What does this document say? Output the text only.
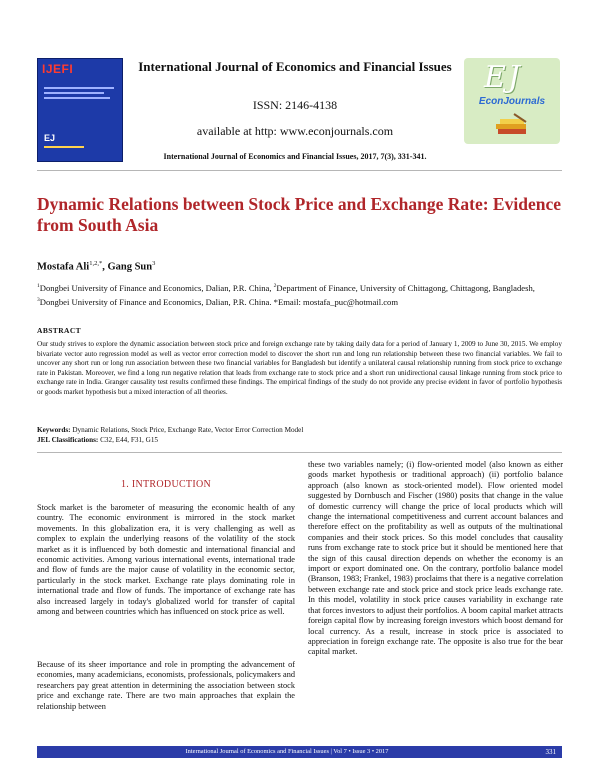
IJEFI
EJ
International Journal of Economics and Financial Issues
ISSN: 2146-4138
available at http: www.econjournals.com
International Journal of Economics and Financial Issues, 2017, 7(3), 331-341.
EJ
EconJournals
Dynamic Relations between Stock Price and Exchange Rate: Evidence from South Asia
Mostafa Ali$^{1,2,*}$, Gang Sun$^3$
$^1$Dongbei University of Finance and Economics, Dalian, P.R. China, $^2$Department of Finance, University of Chittagong, Chittagong, Bangladesh, $^3$Dongbei University of Finance and Economics, Dalian, P.R. China. *Email: mostafa_puc@hotmail.com
ABSTRACT
Our study strives to explore the dynamic association between stock price and foreign exchange rate by taking daily data for a period of January 1, 2009 to June 30, 2015. We employ bivariate vector auto regression model as well as vector error correction model to discover the short run and long run relationship between these two financial variables. We fail to uncover any short run or long run association between these two financial variables for Bangladesh but identify a unilateral causal relationship running from stock price to exchange rate in Pakistan. Moreover, we find a long run negative relation that leads from exchange rate to stock price and a short run unidirectional causal linkage running from stock price to exchange rate in India. Granger causality test results confirmed these findings. The empirical findings of the study do not provide any precise evident in favor of portfolio hypothesis or goods market hypothesis but a mixed interaction of all theories.
Keywords: Dynamic Relations, Stock Price, Exchange Rate, Vector Error Correction Model
JEL Classifications: C32, E44, F31, G15
1. INTRODUCTION

Stock market is the barometer of measuring the economic health of any country. The economic environment is mirrored in the stock market movements. In this globalization era, it is very challenging as well as complex to explain the underlying reasons of the volatility of the stock market as it is influenced by both domestic and international financial and economic activities. Among various international events, international trade and flow of funds are the major cause of volatility in the economic sector, particularly in the stock market. Exchange rate plays dominating role in international trade and flow of funds. The importance of exchange rate has also increased largely in today's globalized world for transfer of capital among and between countries which has influenced on stock price as well.

Because of its sheer importance and role in prompting the advancement of economies, many academicians, economists, professionals, policymakers and researchers pay great attention in determining the association between stock price and exchange rate. There are two main approaches that explain the relationship between

these two variables namely; (i) flow-oriented model (also known as either goods market hypothesis or traditional approach) (ii) portfolio balance approach (also known as stock-oriented model). Flow oriented model suggested by Dornbusch and Fischer (1980) posits that change in the value of domestic currency will change the price of local products which will change the international competitiveness and current account balances and therefore effect on the profitability as well as outputs of the multinational companies and their stock prices. So this model concludes that causality runs from exchange rate to stock price but it should be mentioned here that the sign of this causal direction depends on whether the economy is an import or export dominated one. On the contrary, portfolio balance model (Branson, 1983; Frankel, 1983) proclaims that there is a negative correlation between exchange rate and stock price and stock price leads exchange rate. In this model, volatility in stock price causes variability in exchange rate that forces investors to adjust their portfolios. A boom capital market attracts foreign capital flow by increasing foreign investors which boost demand for local currency. As a result, increase in stock price is associated to appreciation in foreign exchange rate. The opposite is also true for the bear capital market.

International Journal of Economics and Financial Issues | Vol 7 • Issue 3 • 2017	331
